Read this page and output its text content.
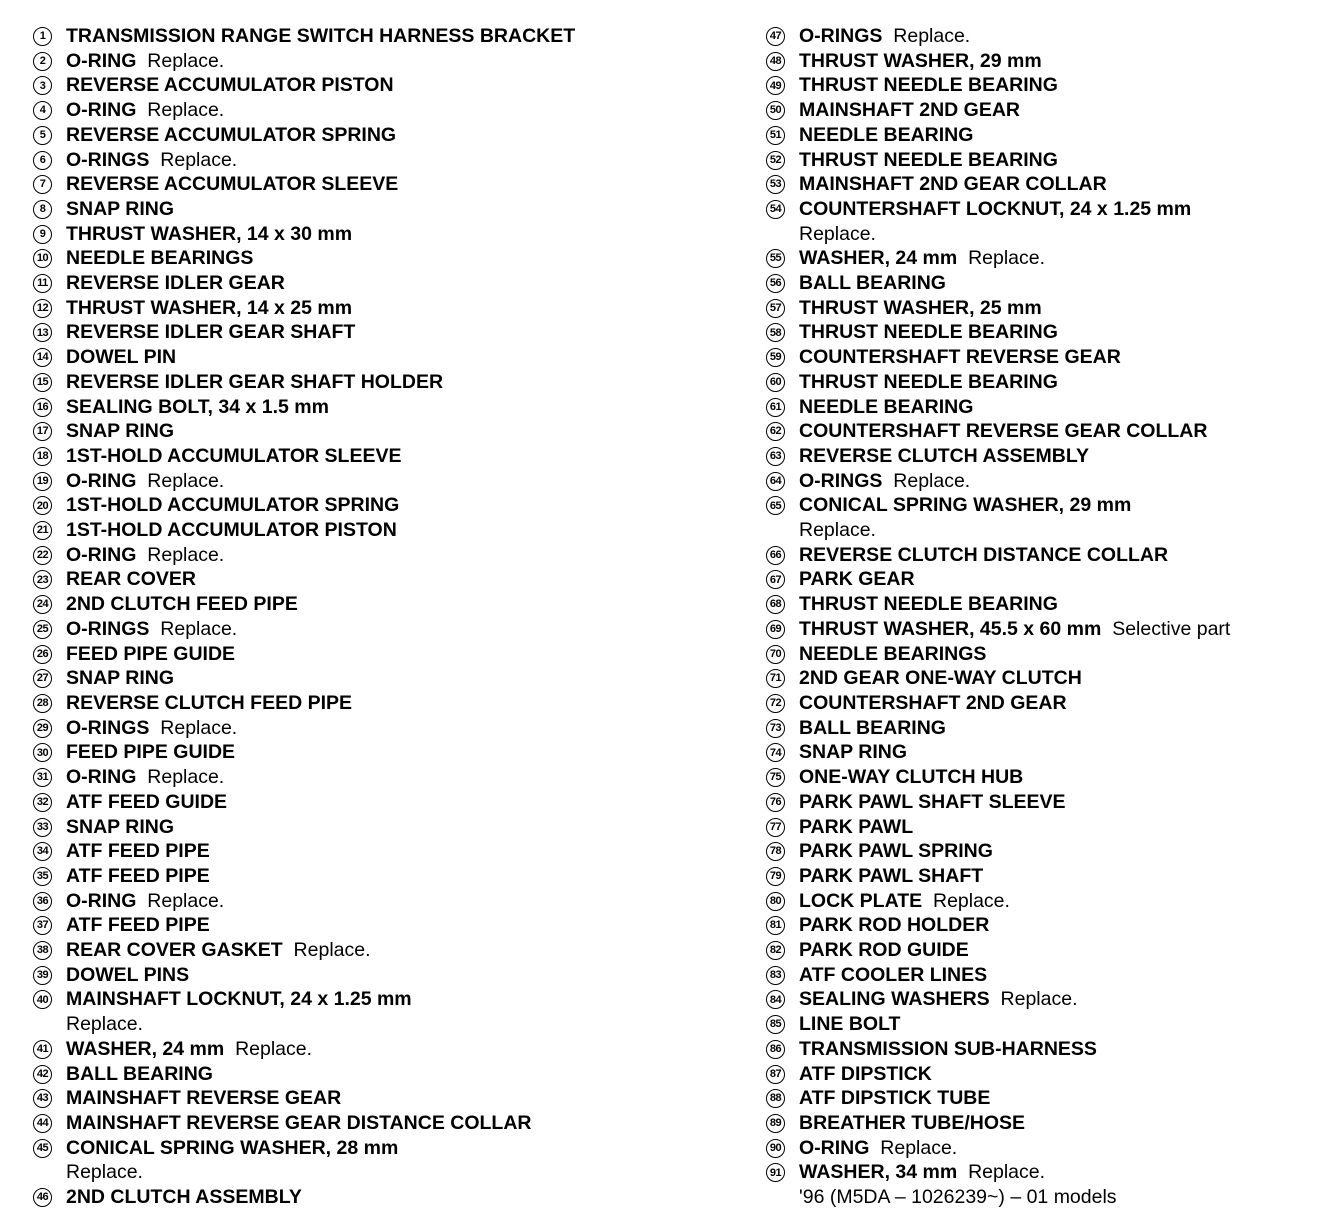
1	TRANSMISSION RANGE SWITCH HARNESS BRACKET
2	O-RING Replace.
3	REVERSE ACCUMULATOR PISTON
4	O-RING Replace.
5	REVERSE ACCUMULATOR SPRING
6	O-RINGS Replace.
7	REVERSE ACCUMULATOR SLEEVE
8	SNAP RING
9	THRUST WASHER, 14 x 30 mm
10 NEEDLE BEARINGS
11 REVERSE IDLER GEAR
12 THRUST WASHER, 14 x 25 mm
13 REVERSE IDLER GEAR SHAFT
14 DOWEL PIN
15 REVERSE IDLER GEAR SHAFT HOLDER
16 SEALING BOLT, 34 x 1.5 mm
17 SNAP RING
18 1ST-HOLD ACCUMULATOR SLEEVE
19 O-RING Replace.
20 1ST-HOLD ACCUMULATOR SPRING
21 1ST-HOLD ACCUMULATOR PISTON
22 O-RING Replace.
23 REAR COVER
24 2ND CLUTCH FEED PIPE
25 O-RINGS Replace.
26 FEED PIPE GUIDE
27 SNAP RING
28 REVERSE CLUTCH FEED PIPE
29 O-RINGS Replace.
30 FEED PIPE GUIDE
31 O-RING Replace.
32 ATF FEED GUIDE
33 SNAP RING
34 ATF FEED PIPE
35 ATF FEED PIPE
36 O-RING Replace.
37 ATF FEED PIPE
38 REAR COVER GASKET Replace.
39 DOWEL PINS
40 MAINSHAFT LOCKNUT, 24 x 1.25 mm
Replace.
41 WASHER, 24 mm Replace.
42 BALL BEARING
43 MAINSHAFT REVERSE GEAR
44 MAINSHAFT REVERSE GEAR DISTANCE COLLAR
45 CONICAL SPRING WASHER, 28 mm
Replace.
46 2ND CLUTCH ASSEMBLY
47 O-RINGS Replace.
48 THRUST WASHER, 29 mm
49 THRUST NEEDLE BEARING
50 MAINSHAFT 2ND GEAR
51 NEEDLE BEARING
52 THRUST NEEDLE BEARING
53 MAINSHAFT 2ND GEAR COLLAR
54 COUNTERSHAFT LOCKNUT, 24 x 1.25 mm
Replace.
55 WASHER, 24 mm Replace.
56 BALL BEARING
57 THRUST WASHER, 25 mm
58 THRUST NEEDLE BEARING
59 COUNTERSHAFT REVERSE GEAR
60 THRUST NEEDLE BEARING
61 NEEDLE BEARING
62 COUNTERSHAFT REVERSE GEAR COLLAR
63 REVERSE CLUTCH ASSEMBLY
64 O-RINGS Replace.
65 CONICAL SPRING WASHER, 29 mm
Replace.
66 REVERSE CLUTCH DISTANCE COLLAR
67 PARK GEAR
68 THRUST NEEDLE BEARING
69 THRUST WASHER, 45.5 x 60 mm Selective part
70 NEEDLE BEARINGS
71 2ND GEAR ONE-WAY CLUTCH
72 COUNTERSHAFT 2ND GEAR
73 BALL BEARING
74 SNAP RING
75 ONE-WAY CLUTCH HUB
76 PARK PAWL SHAFT SLEEVE
77 PARK PAWL
78 PARK PAWL SPRING
79 PARK PAWL SHAFT
80 LOCK PLATE Replace.
81 PARK ROD HOLDER
82 PARK ROD GUIDE
83 ATF COOLER LINES
84 SEALING WASHERS Replace.
85 LINE BOLT
86 TRANSMISSION SUB-HARNESS
87 ATF DIPSTICK
88 ATF DIPSTICK TUBE
89 BREATHER TUBE/HOSE
90 O-RING Replace.
91 WASHER, 34 mm Replace.
'96 (M5DA – 1026239~) – 01 models
